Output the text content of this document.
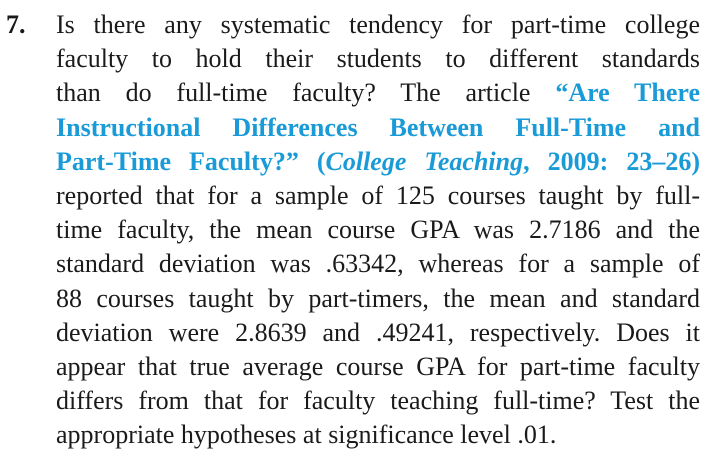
7. Is there any systematic tendency for part-time college
faculty to hold their students to different standards
than do full-time faculty? The article “Are There
Instructional Differences Between Full-Time and
Part-Time Faculty?” (College Teaching, 2009: 23–26)
reported that for a sample of 125 courses taught by full-
time faculty, the mean course GPA was 2.7186 and the
standard deviation was .63342, whereas for a sample of
88 courses taught by part-timers, the mean and standard
deviation were 2.8639 and .49241, respectively. Does it
appear that true average course GPA for part-time faculty
differs from that for faculty teaching full-time? Test the
appropriate hypotheses at significance level .01.
